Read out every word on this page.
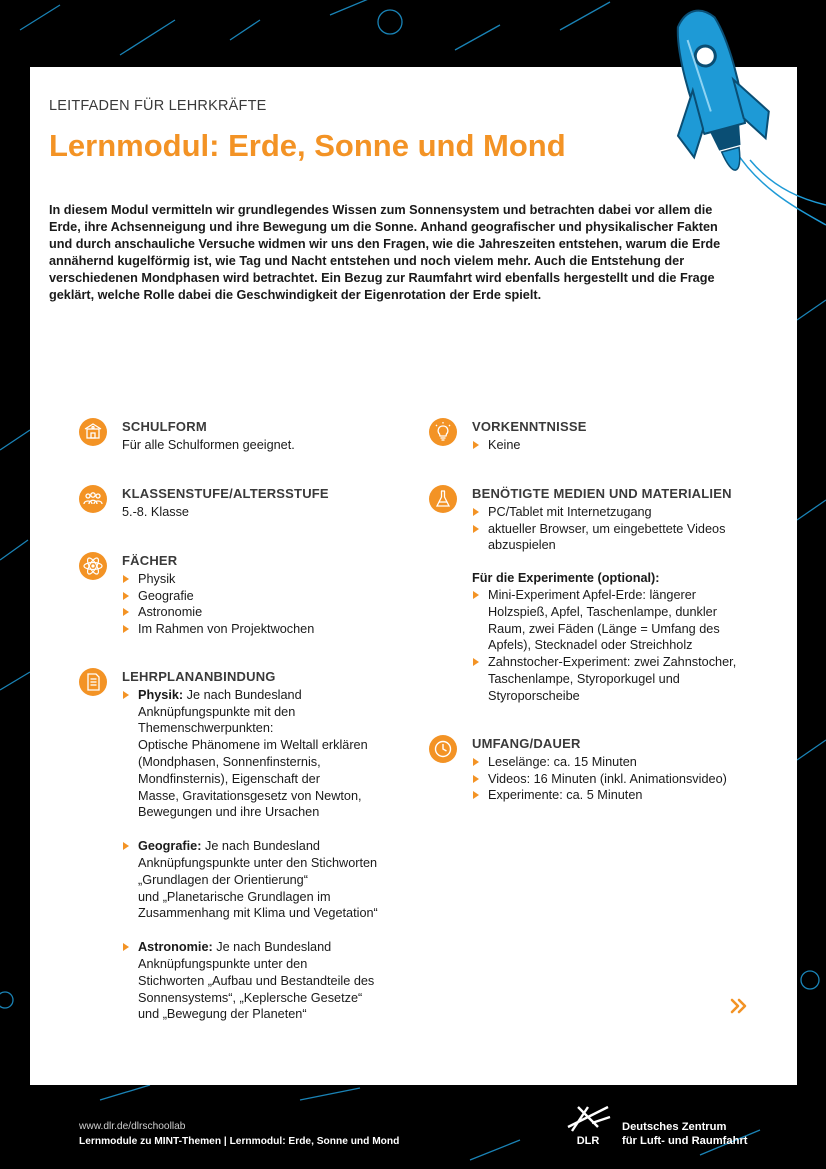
LEITFADEN FÜR LEHRKRÄFTE
Lernmodul: Erde, Sonne und Mond
In diesem Modul vermitteln wir grundlegendes Wissen zum Sonnensystem und betrachten dabei vor allem die Erde, ihre Achsenneigung und ihre Bewegung um die Sonne. Anhand geografischer und physikalischer Fakten und durch anschauliche Versuche widmen wir uns den Fragen, wie die Jahreszeiten entstehen, warum die Erde annähernd kugelförmig ist, wie Tag und Nacht entstehen und noch vielem mehr. Auch die Entstehung der verschiedenen Mondphasen wird betrachtet. Ein Bezug zur Raumfahrt wird ebenfalls hergestellt und die Frage geklärt, welche Rolle dabei die Geschwindigkeit der Eigenrotation der Erde spielt.
SCHULFORM
Für alle Schulformen geeignet.
KLASSENSTUFE/ALTERSSTUFE
5.-8. Klasse
FÄCHER
Physik
Geografie
Astronomie
Im Rahmen von Projektwochen
LEHRPLANANBINDUNG
Physik: Je nach Bundesland
Anknüpfungspunkte mit den
Themenschwerpunkten:
Optische Phänomene im Weltall erklären
(Mondphasen, Sonnenfinsternis,
Mondfinsternis), Eigenschaft der
Masse, Gravitationsgesetz von Newton,
Bewegungen und ihre Ursachen
Geografie: Je nach Bundesland
Anknüpfungspunkte unter den Stichworten
„Grundlagen der Orientierung“
und „Planetarische Grundlagen im
Zusammenhang mit Klima und Vegetation“
Astronomie: Je nach Bundesland
Anknüpfungspunkte unter den
Stichworten „Aufbau und Bestandteile des
Sonnensystems“, „Keplersche Gesetze“
und „Bewegung der Planeten“
VORKENNTNISSE
Keine
BENÖTIGTE MEDIEN UND MATERIALIEN
PC/Tablet mit Internetzugang
aktueller Browser, um eingebettete Videos
abzuspielen
Für die Experimente (optional):
Mini-Experiment Apfel-Erde: längerer
Holzspieß, Apfel, Taschenlampe, dunkler
Raum, zwei Fäden (Länge = Umfang des
Apfels), Stecknadel oder Streichholz
Zahnstocher-Experiment: zwei Zahnstocher,
Taschenlampe, Styroporkugel und
Styroporscheibe
UMFANG/DAUER
Leselänge: ca. 15 Minuten
Videos: 16 Minuten (inkl. Animationsvideo)
Experimente: ca. 5 Minuten
www.dlr.de/dlrschoollab
Lernmodule zu MINT-Themen | Lernmodul: Erde, Sonne und Mond	DLR
Deutsches Zentrum
für Luft- und Raumfahrt
